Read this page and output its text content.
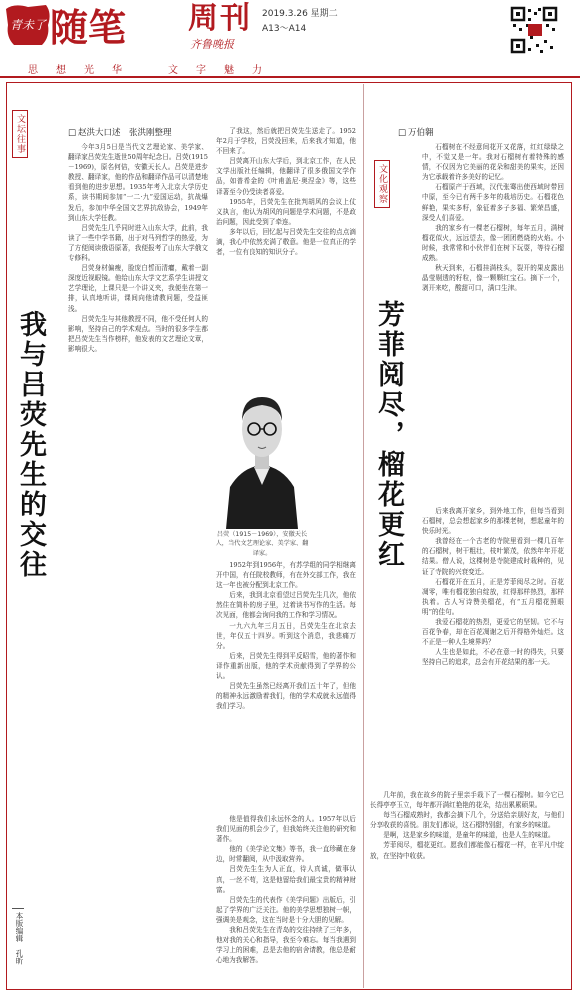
青未了 随笔 周刊 2019.3.26 星期二
A13～A14
齐鲁晚报
思想光华　文字魅力
文坛往事
我与吕荧先生的交往
□ 赵洪大口述　张洪刚整理

今年3月5日是当代文艺理论家、美学家、翻译家吕荧先生逝世50周年纪念日。吕荧(1915－1969)，原名何佶，安徽天长人。吕荧是进步教授、翻译家，他的作品和翻译作品可以清楚地看到他的进步思想。1935年考入北京大学历史系，读书期间参加“一二·九”爱国运动，抗战爆发后，参加中华全国文艺界抗敌协会，1949年到山东大学任教。

吕荧先生几乎同时进入山东大学，此前，我读了一些中学书籍，出于对马列哲学的热爱，为了方便阅读俄语原著，我便报考了山东大学俄文专修科。

吕荧身材偏瘦，脸庞白皙而清癯，戴着一副深度近视眼镜。他给山东大学文艺系学生讲授文艺学理论，上课只是一个讲义夹，我便坐在第一排，认真地听讲，课间向他请教问题，受益匪浅。

吕荧先生与其他教授不同，他不受任何人的影响，坚持自己的学术观点。当时的很多学生都把吕荧先生当作榜样，他发表的文艺理论文章，影响很大。

了我这，然后就把吕荧先生送走了。1952年2月于学校，吕荧没回来，后来我才知道，他不回来了。

吕荧离开山东大学后，到北京工作，在人民文学出版社任编辑，他翻译了很多俄国文学作品，如普希金的《叶甫盖尼·奥涅金》等，这些译著至今仍受读者喜爱。

1955年，吕荧先生在批判胡风的会议上仗义执言，他认为胡风的问题是学术问题，不是政治问题，因此受到了牵连。

多年以后，回忆起与吕荧先生交往的点点滴滴，我心中依然充满了敬意。他是一位真正的学者，一位有良知的知识分子。

吕荧（1915－1969），安徽天长人，当代文艺理论家、美学家、翻译家。

1952年到1956年，有苏学组的同学相继离开中国，有任院校教师，有在外交部工作，我在这一年也被分配到北京工作。

后来，我到北京看望过吕荧先生几次，他依然住在简朴的房子里，过着读书写作的生活。每次见面，他都会询问我的工作和学习情况。

一九六九年三月五日，吕荧先生在北京去世，年仅五十四岁。听到这个消息，我悲痛万分。

后来，吕荧先生得到平反昭雪，他的著作和译作重新出版，他的学术贡献得到了学界的公认。

吕荧先生虽然已经离开我们五十年了，但他的精神永远激励着我们，他的学术成就永远值得我们学习。

他是值得我们永远怀念的人。1957年以后我们见面的机会少了，但我始终关注他的研究和著作。

他的《美学论文集》等书，我一直珍藏在身边，时常翻阅，从中汲取营养。

吕荧先生生为人正直，待人真诚，做事认真，一丝不苟，这是他留给我们最宝贵的精神财富。

吕荧先生的代表作《美学问题》出版后，引起了学界的广泛关注。他的美学思想独树一帜，强调美是观念，这在当时是十分大胆的见解。

我和吕荧先生在青岛的交往持续了三年多，他对我的关心和指导，我至今难忘。每当我遇到学习上的困难，总是去他的宿舍请教，他总是耐心地为我解答。

本版编辑　孔昕
□ 万伯翱
文化观察
芳菲阅尽，榴花更红

石榴树在不经意间花开又花落，红红绿绿之中，不觉又是一年。我对石榴树有着特殊的感情，不仅因为它美丽的花朵和甜美的果实，还因为它承载着许多美好的记忆。

石榴原产于西域，汉代张骞出使西域时带回中原，至今已有两千多年的栽培历史。石榴花色鲜艳，果实多籽，象征着多子多福、繁荣昌盛，深受人们喜爱。

我的家乡有一棵老石榴树，每年五月，满树榴花似火，远远望去，像一团团燃烧的火焰。小时候，我常常和小伙伴们在树下玩耍，等待石榴成熟。

秋天到来，石榴挂满枝头，裂开的果皮露出晶莹剔透的籽粒，像一颗颗红宝石。摘下一个，剥开来吃，酸甜可口，满口生津。

后来我离开家乡，到外地工作，但每当看到石榴树，总会想起家乡的那棵老树，想起童年的快乐时光。

我曾经在一个古老的寺院里看到一棵几百年的石榴树，树干粗壮，枝叶繁茂，依然年年开花结果。僧人说，这棵树是寺院建成时栽种的，见证了寺院的兴衰变迁。

石榴花开在五月，正是芳菲阅尽之时。百花凋零，唯有榴花独自绽放，红得那样热烈，那样执着。古人写诗赞美榴花，有“五月榴花照眼明”的佳句。

我爱石榴花的热烈，更爱它的坚韧。它不与百花争春，却在百花凋谢之后开得格外灿烂。这不正是一种人生境界吗？

人生也是如此，不必在意一时的得失，只要坚持自己的追求，总会有开花结果的那一天。

几年前，我在故乡的院子里亲手栽下了一棵石榴树。如今它已长得亭亭玉立，每年都开满红艳艳的花朵，结出累累硕果。

每当石榴成熟时，我都会摘下几个，分送给亲朋好友，与他们分享收获的喜悦。朋友们都说，这石榴特别甜，有家乡的味道。

是啊，这是家乡的味道，是童年的味道，也是人生的味道。

芳菲阅尽，榴花更红。愿我们都能像石榴花一样，在平凡中绽放，在坚持中收获。
